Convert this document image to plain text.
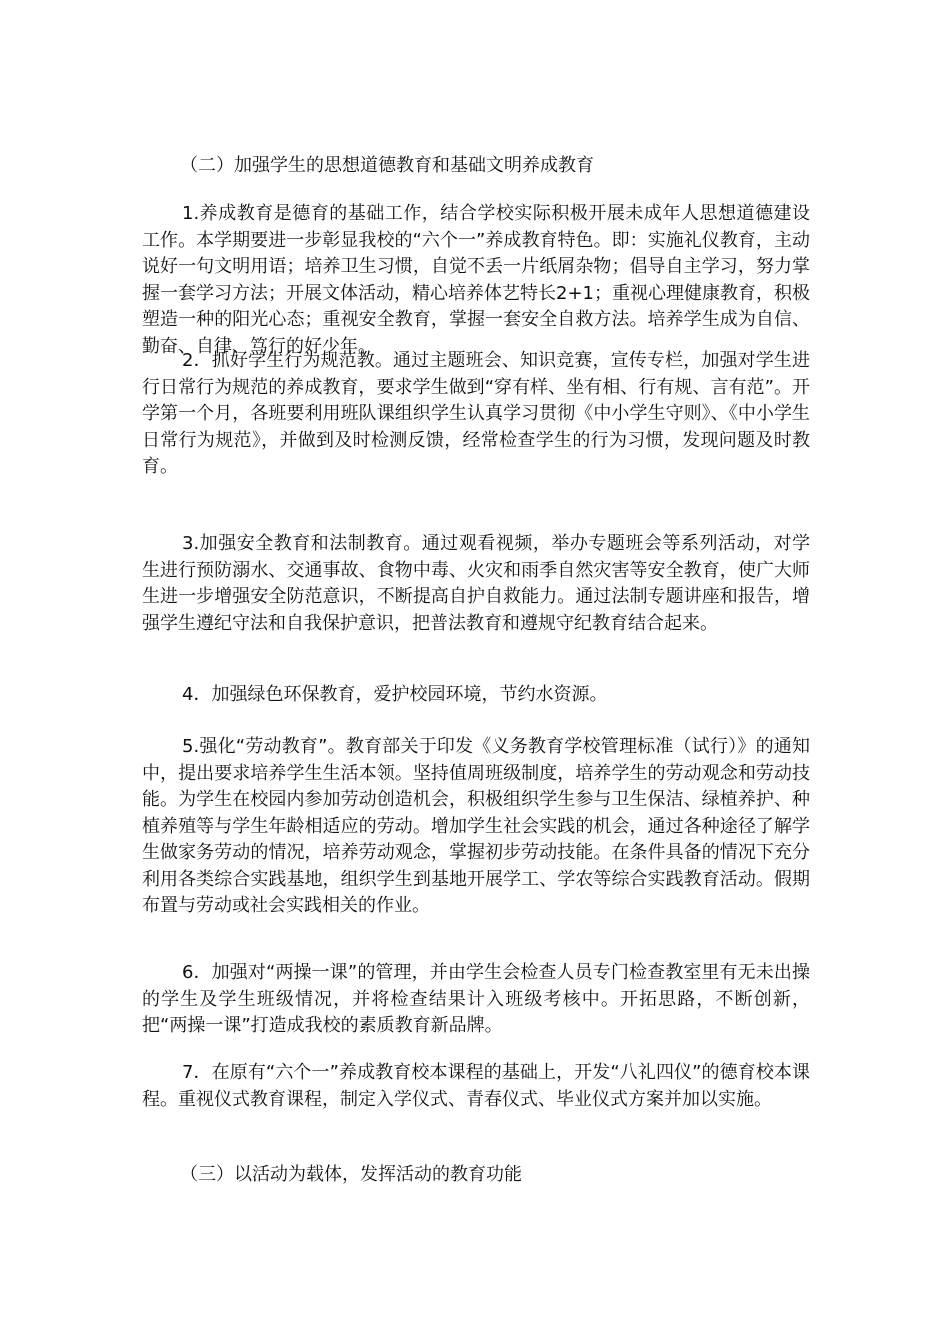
（二）加强学生的思想道德教育和基础文明养成教育

1.养成教育是德育的基础工作，结合学校实际积极开展未成年人思想道德建设工作。本学期要进一步彰显我校的“六个一”养成教育特色。即：实施礼仪教育，主动说好一句文明用语；培养卫生习惯，自觉不丢一片纸屑杂物；倡导自主学习，努力掌握一套学习方法；开展文体活动，精心培养体艺特长2+1；重视心理健康教育，积极塑造一种的阳光心态；重视安全教育，掌握一套安全自救方法。培养学生成为自信、勤奋、自律、笃行的好少年。

2．抓好学生行为规范教。通过主题班会、知识竞赛，宣传专栏，加强对学生进行日常行为规范的养成教育，要求学生做到“穿有样、坐有相、行有规、言有范”。开学第一个月，各班要利用班队课组织学生认真学习贯彻《中小学生守则》、《中小学生日常行为规范》，并做到及时检测反馈，经常检查学生的行为习惯，发现问题及时教育。

3.加强安全教育和法制教育。通过观看视频，举办专题班会等系列活动，对学生进行预防溺水、交通事故、食物中毒、火灾和雨季自然灾害等安全教育，使广大师生进一步增强安全防范意识，不断提高自护自救能力。通过法制专题讲座和报告，增强学生遵纪守法和自我保护意识，把普法教育和遵规守纪教育结合起来。

4．加强绿色环保教育，爱护校园环境，节约水资源。

5.强化“劳动教育”。教育部关于印发《义务教育学校管理标准（试行）》的通知中，提出要求培养学生生活本领。坚持值周班级制度，培养学生的劳动观念和劳动技能。为学生在校园内参加劳动创造机会，积极组织学生参与卫生保洁、绿植养护、种植养殖等与学生年龄相适应的劳动。增加学生社会实践的机会，通过各种途径了解学生做家务劳动的情况，培养劳动观念，掌握初步劳动技能。在条件具备的情况下充分利用各类综合实践基地，组织学生到基地开展学工、学农等综合实践教育活动。假期布置与劳动或社会实践相关的作业。

6．加强对“两操一课”的管理，并由学生会检查人员专门检查教室里有无未出操的学生及学生班级情况，并将检查结果计入班级考核中。开拓思路，不断创新，把“两操一课”打造成我校的素质教育新品牌。

7．在原有“六个一”养成教育校本课程的基础上，开发“八礼四仪”的德育校本课程。重视仪式教育课程，制定入学仪式、青春仪式、毕业仪式方案并加以实施。

（三）以活动为载体，发挥活动的教育功能
